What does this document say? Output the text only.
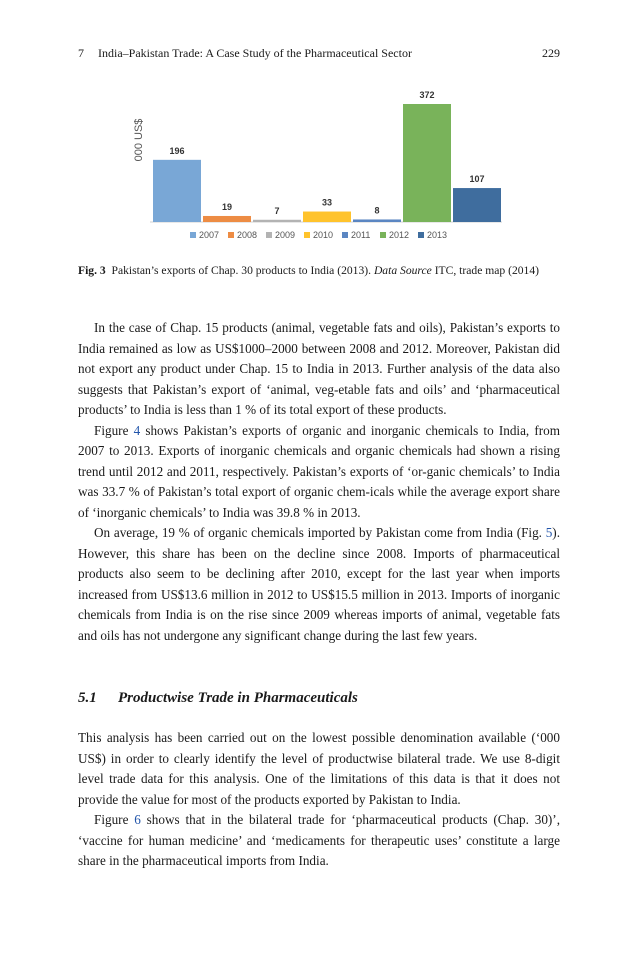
7 India–Pakistan Trade: A Case Study of the Pharmaceutical Sector	229
000 US$	196
19	7
33
8
372
107
2007 2008 2009 2010 2011 2012 2013
Fig. 3 Pakistan’s exports of Chap. 30 products to India (2013). Data Source ITC, trade map (2014)

In the case of Chap. 15 products (animal, vegetable fats and oils), Pakistan’s exports to India remained as low as US$1000–2000 between 2008 and 2012. Moreover, Pakistan did not export any product under Chap. 15 to India in 2013. Further analysis of the data also suggests that Pakistan’s export of ‘animal, veg-etable fats and oils’ and ‘pharmaceutical products’ to India is less than 1 % of its total export of these products.

Figure 4 shows Pakistan’s exports of organic and inorganic chemicals to India, from 2007 to 2013. Exports of inorganic chemicals and organic chemicals had shown a rising trend until 2012 and 2011, respectively. Pakistan’s exports of ‘or-ganic chemicals’ to India was 33.7 % of Pakistan’s total export of organic chem-icals while the average export share of ‘inorganic chemicals’ to India was 39.8 % in 2013.

On average, 19 % of organic chemicals imported by Pakistan come from India (Fig. 5). However, this share has been on the decline since 2008. Imports of pharmaceutical products also seem to be declining after 2010, except for the last year when imports increased from US$13.6 million in 2012 to US$15.5 million in 2013. Imports of inorganic chemicals from India is on the rise since 2009 whereas imports of animal, vegetable fats and oils has not undergone any significant change during the last few years.

5.1 Productwise Trade in Pharmaceuticals

This analysis has been carried out on the lowest possible denomination available (‘000 US$) in order to clearly identify the level of productwise bilateral trade. We use 8-digit level trade data for this analysis. One of the limitations of this data is that it does not provide the value for most of the products exported by Pakistan to India.

Figure 6 shows that in the bilateral trade for ‘pharmaceutical products (Chap. 30)’, ‘vaccine for human medicine’ and ‘medicaments for therapeutic uses’ constitute a large share in the pharmaceutical imports from India.
